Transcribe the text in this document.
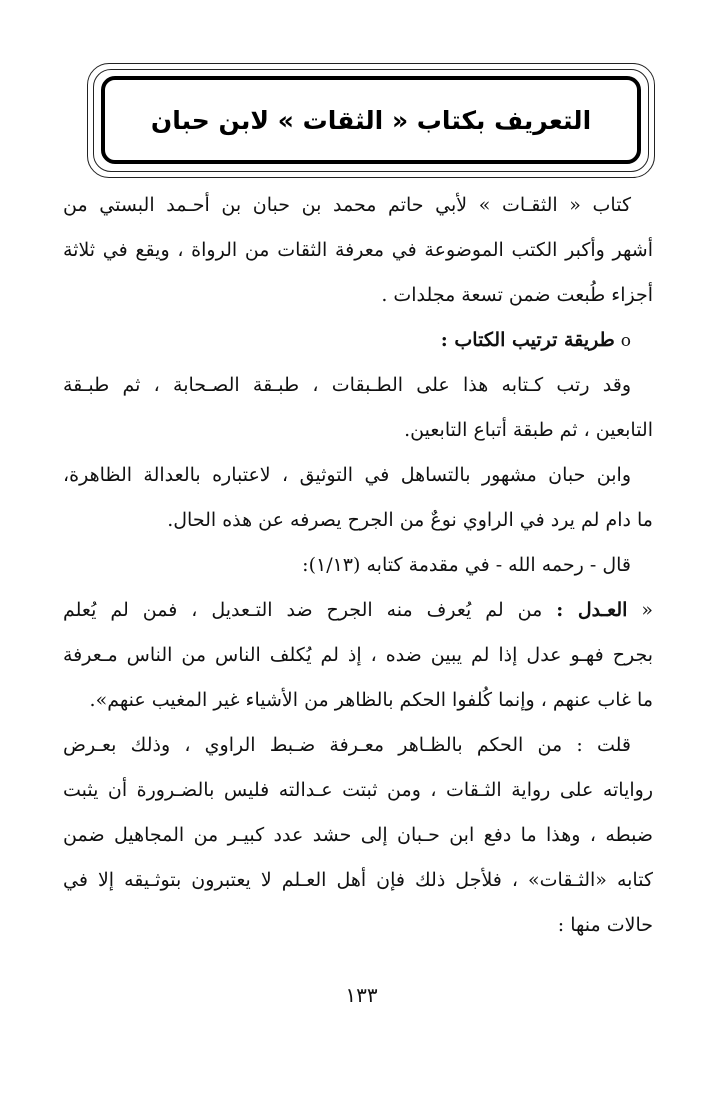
التعريف بكتاب « الثقات » لابن حبان
كتاب « الثقـات » لأبي حاتم محمد بن حبان بن أحـمد البستي من
أشهر وأكبر الكتب الموضوعة في معرفة الثقات من الرواة ، ويقع في ثلاثة
أجزاء طُبعت ضمن تسعة مجلدات .
oطريقة ترتيب الكتاب :
وقد رتب كـتابه هذا على الطـبقات ، طبـقة الصـحابة ، ثم طبـقة
التابعين ، ثم طبقة أتباع التابعين.
وابن حبان مشهور بالتساهل في التوثيق ، لاعتباره بالعدالة الظاهرة،
ما دام لم يرد في الراوي نوعٌ من الجرح يصرفه عن هذه الحال.
قال - رحمه الله - في مقدمة كتابه (١/١٣):
« العـدل : من لم يُعرف منه الجرح ضد التـعديل ، فمن لم يُعلم
بجرح فهـو عدل إذا لم يبين ضده ، إذ لم يُكلف الناس من الناس مـعرفة
ما غاب عنهم ، وإنما كُلفوا الحكم بالظاهر من الأشياء غير المغيب عنهم».
قلت : من الحكم بالظـاهر معـرفة ضـبط الراوي ، وذلك بعـرض
رواياته على رواية الثـقات ، ومن ثبتت عـدالته فليس بالضـرورة أن يثبت
ضبطه ، وهذا ما دفع ابن حـبان إلى حشد عدد كبيـر من المجاهيل ضمن
كتابه «الثـقات» ، فلأجل ذلك فإن أهل العـلم لا يعتبرون بتوثـيقه إلا في
حالات منها :
١٣٣
